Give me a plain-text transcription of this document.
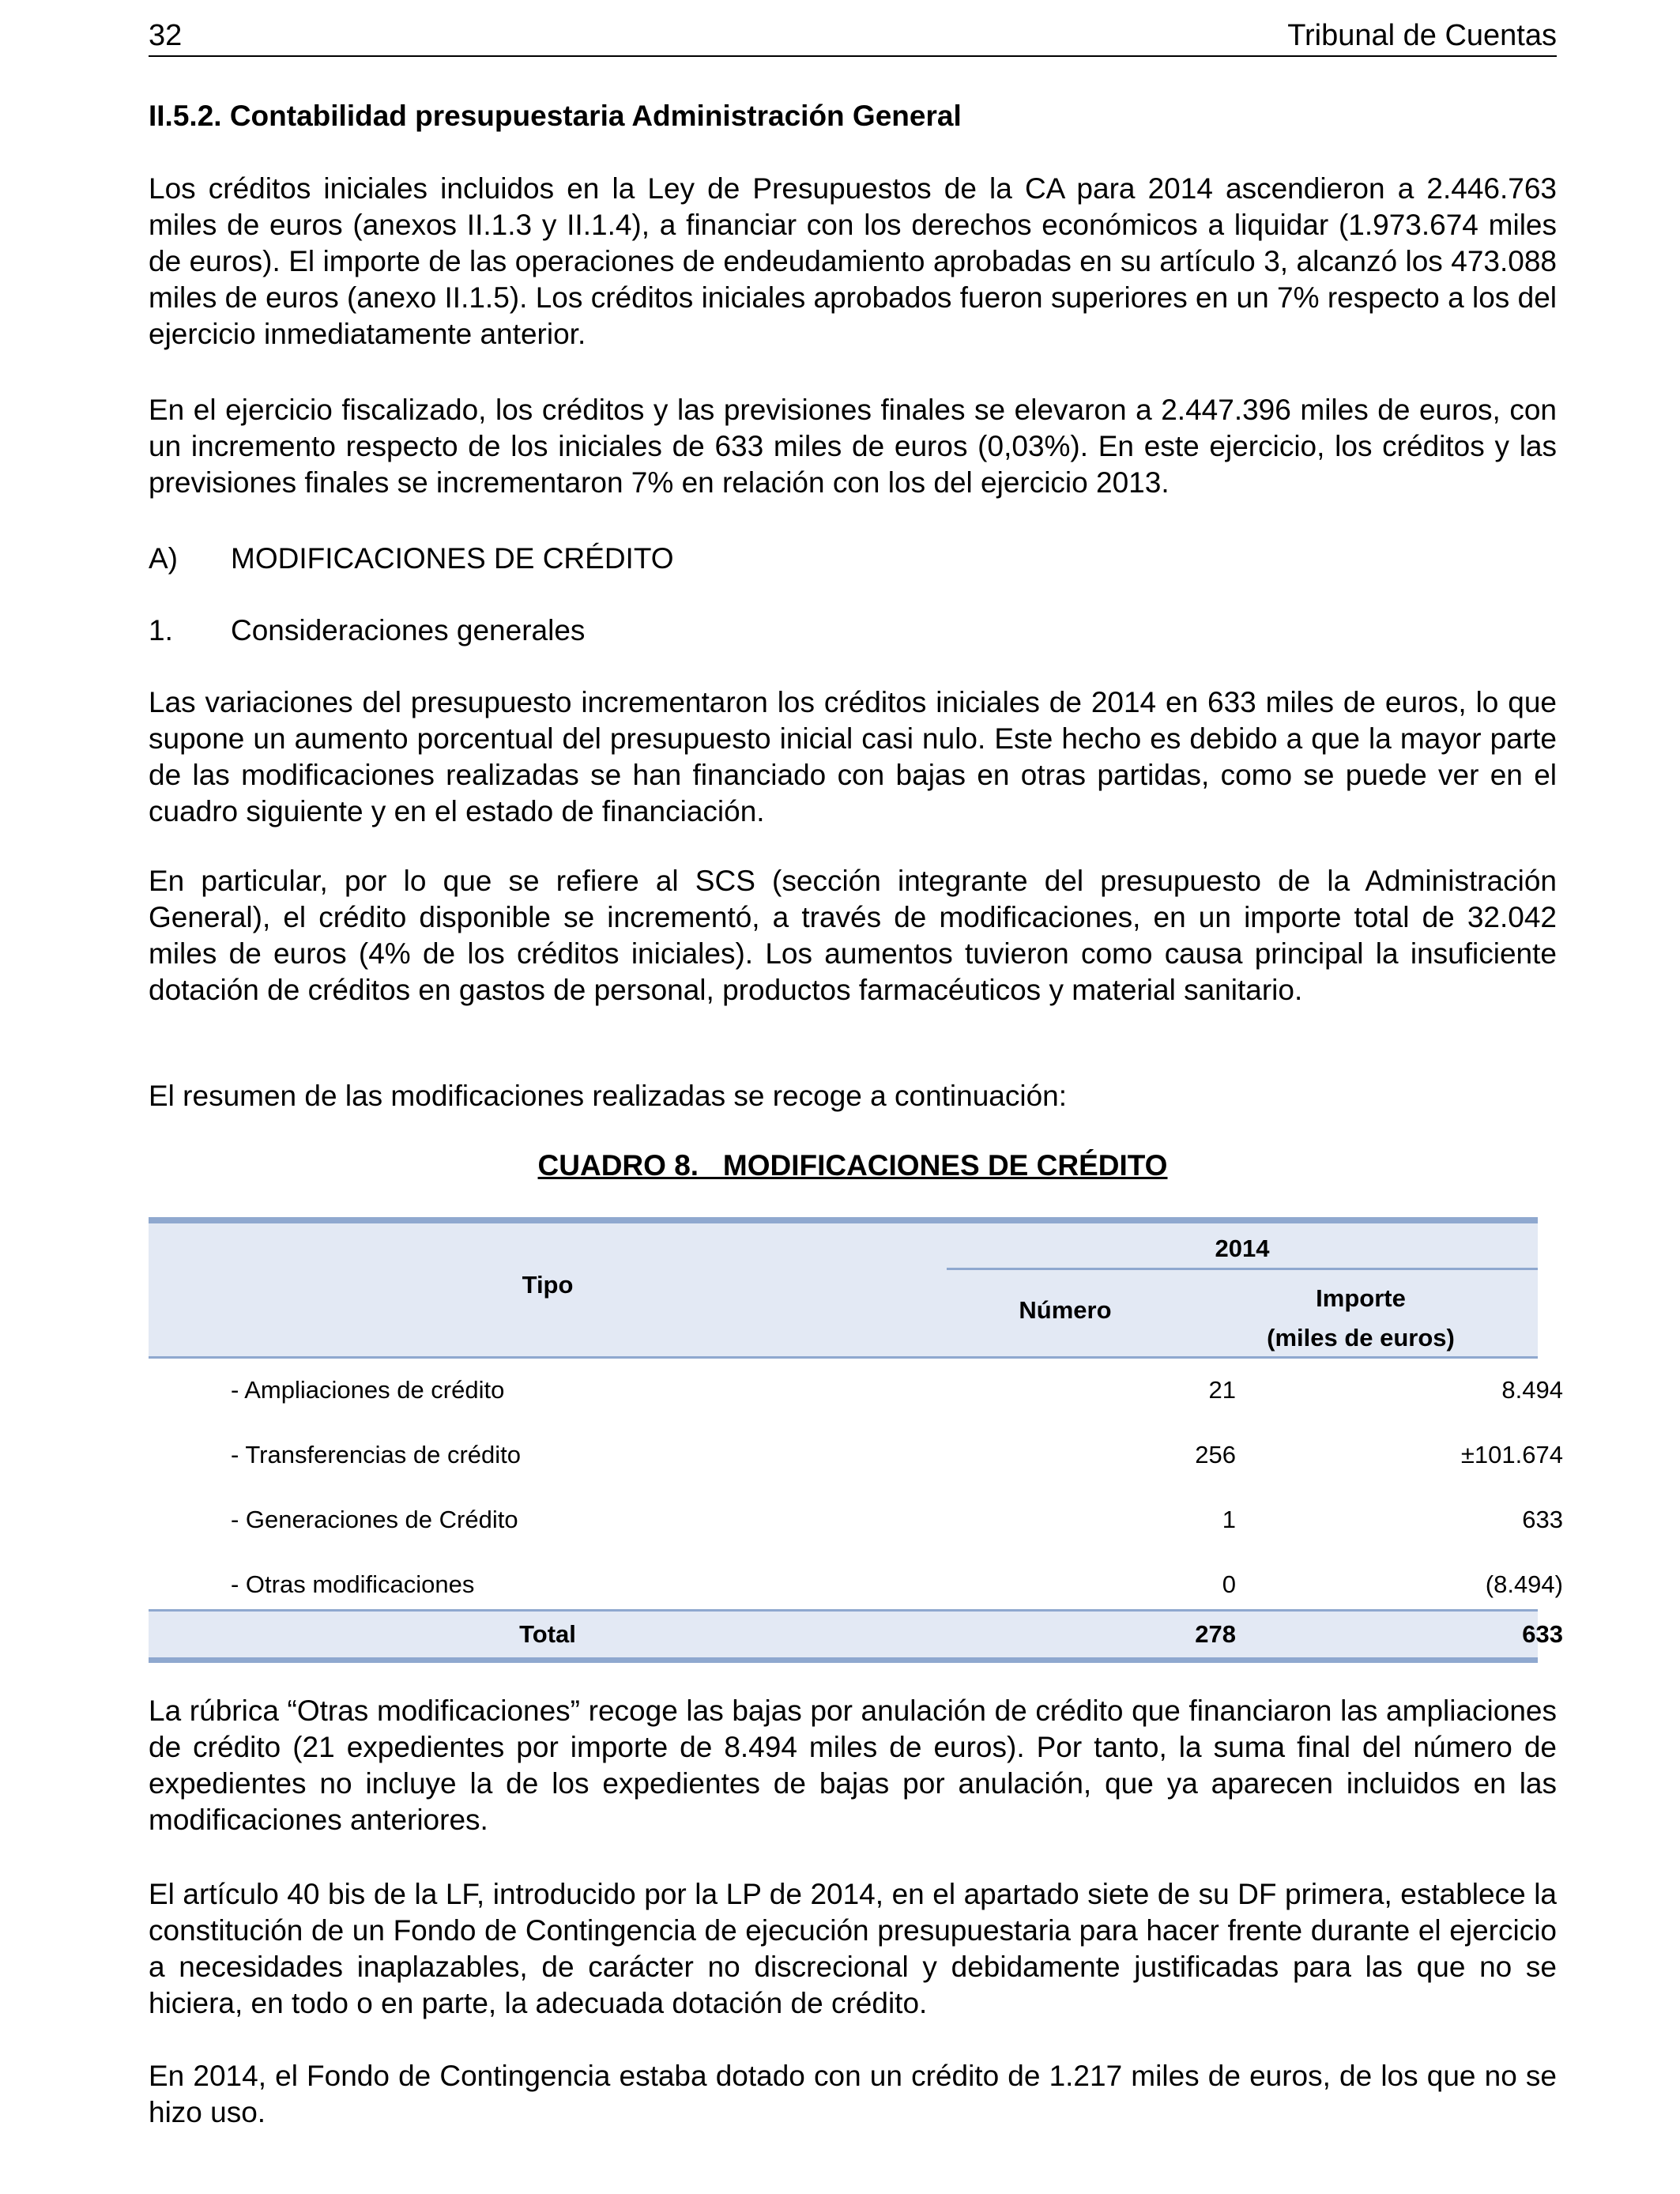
32	Tribunal de Cuentas
II.5.2. Contabilidad presupuestaria Administración General

Los créditos iniciales incluidos en la Ley de Presupuestos de la CA para 2014 ascendieron a 2.446.763 miles de euros (anexos II.1.3 y II.1.4), a financiar con los derechos económicos a liquidar (1.973.674 miles de euros). El importe de las operaciones de endeudamiento aprobadas en su artículo 3, alcanzó los 473.088 miles de euros (anexo II.1.5). Los créditos iniciales aprobados fueron superiores en un 7% respecto a los del ejercicio inmediatamente anterior.

En el ejercicio fiscalizado, los créditos y las previsiones finales se elevaron a 2.447.396 miles de euros, con un incremento respecto de los iniciales de 633 miles de euros (0,03%). En este ejercicio, los créditos y las previsiones finales se incrementaron 7% en relación con los del ejercicio 2013.

A) MODIFICACIONES DE CRÉDITO
1. Consideraciones generales

Las variaciones del presupuesto incrementaron los créditos iniciales de 2014 en 633 miles de euros, lo que supone un aumento porcentual del presupuesto inicial casi nulo. Este hecho es debido a que la mayor parte de las modificaciones realizadas se han financiado con bajas en otras partidas, como se puede ver en el cuadro siguiente y en el estado de financiación.

En particular, por lo que se refiere al SCS (sección integrante del presupuesto de la Administración General), el crédito disponible se incrementó, a través de modificaciones, en un importe total de 32.042 miles de euros (4% de los créditos iniciales). Los aumentos tuvieron como causa principal la insuficiente dotación de créditos en gastos de personal, productos farmacéuticos y material sanitario.

El resumen de las modificaciones realizadas se recoge a continuación:

CUADRO 8.   MODIFICACIONES DE CRÉDITO
Tipo
2014
Número	Importe
(miles de euros)
- Ampliaciones de crédito	21	8.494
- Transferencias de crédito	256	±101.674
- Generaciones de Crédito	1	633
- Otras modificaciones	0	(8.494)
Total	278	633

La rúbrica “Otras modificaciones” recoge las bajas por anulación de crédito que financiaron las ampliaciones de crédito (21 expedientes por importe de 8.494 miles de euros). Por tanto, la suma final del número de expedientes no incluye la de los expedientes de bajas por anulación, que ya aparecen incluidos en las modificaciones anteriores.

El artículo 40 bis de la LF, introducido por la LP de 2014, en el apartado siete de su DF primera, establece la constitución de un Fondo de Contingencia de ejecución presupuestaria para hacer frente durante el ejercicio a necesidades inaplazables, de carácter no discrecional y debidamente justificadas para las que no se hiciera, en todo o en parte, la adecuada dotación de crédito.

En 2014, el Fondo de Contingencia estaba dotado con un crédito de 1.217 miles de euros, de los que no se hizo uso.
